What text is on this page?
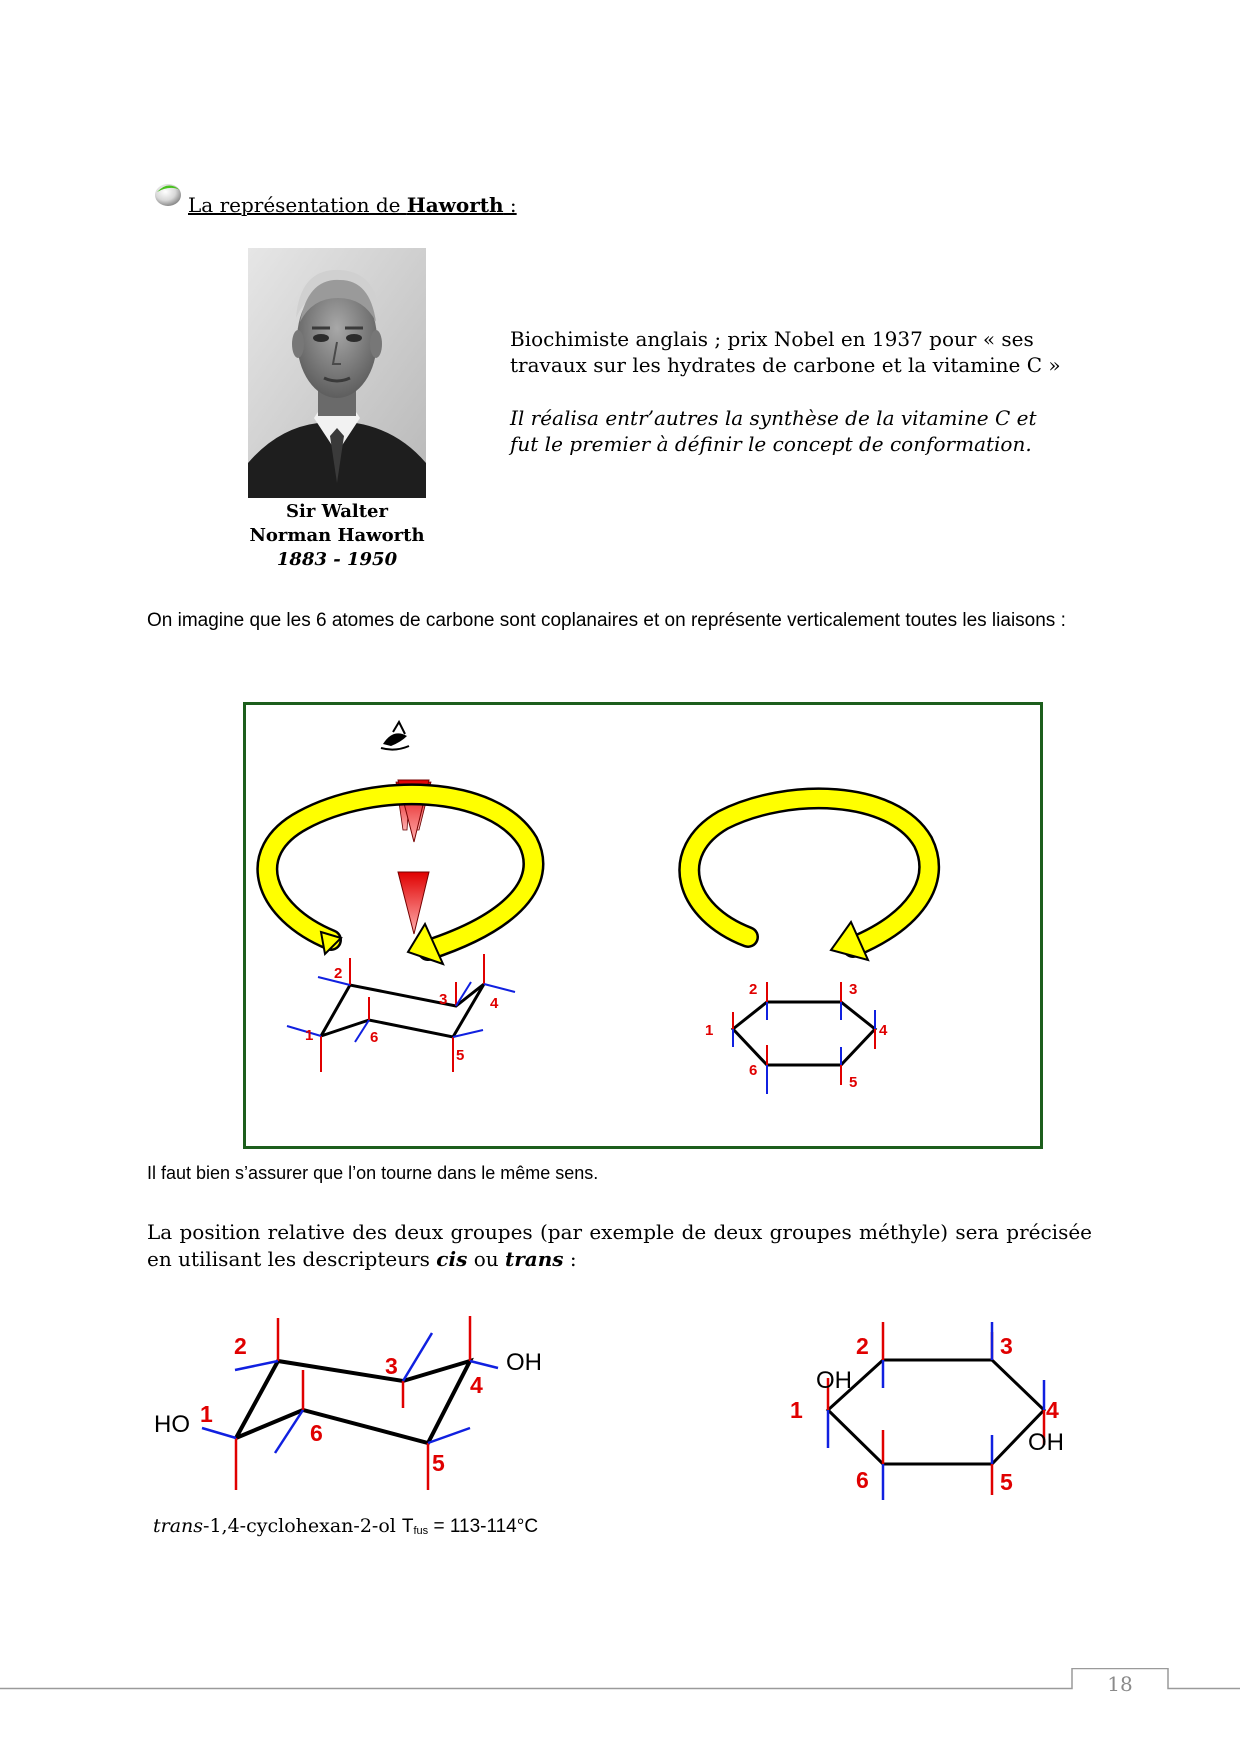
La représentation de Haworth :
Sir Walter
Norman Haworth
1883 - 1950
Biochimiste anglais ; prix Nobel en 1937 pour « ses travaux sur les hydrates de carbone et la vitamine C »
Il réalisa entr’autres la synthèse de la vitamine C et fut le premier à définir le concept de conformation.
On imagine que les 6 atomes de carbone sont coplanaires et on représente verticalement toutes les liaisons :
1
2
3	4
5
6	1
2	3
4
5
6
Il faut bien s’assurer que l’on tourne dans le même sens.
La position relative des deux groupes (par exemple de deux groupes méthyle) sera précisée en utilisant les descripteurs cis ou trans :
1
2
3
4
5
6
HO
OH
1
2	3
4
5
6
OH
OH
trans-1,4-cyclohexan-2-ol $T_{fus} = 113-114^\circ C$
18
